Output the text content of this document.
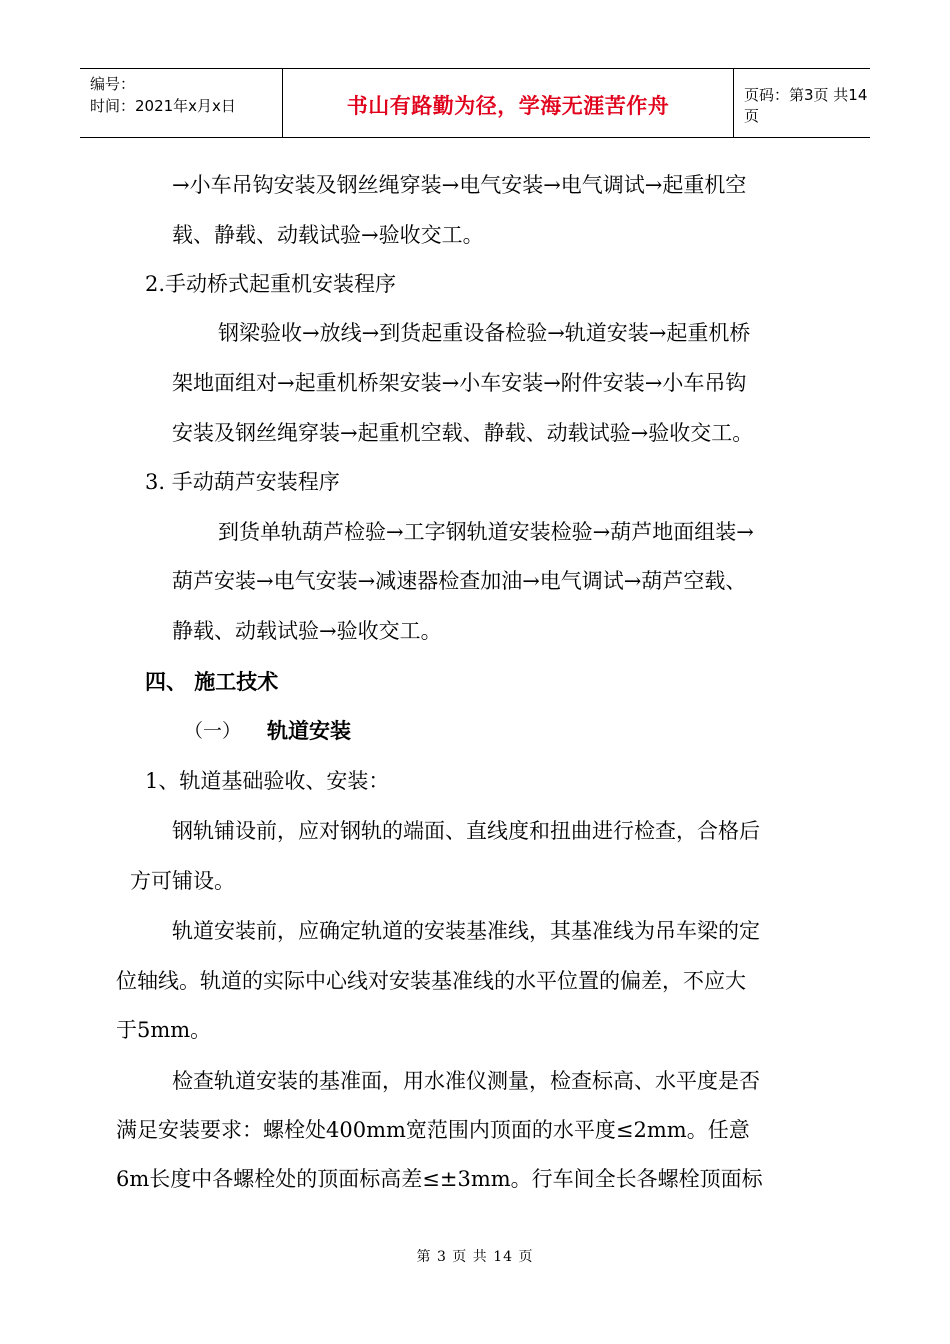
编号：
时间：2021年x月x日	书山有路勤为径，学海无涯苦作舟	页码：第3页 共14页
→小车吊钩安装及钢丝绳穿装→电气安装→电气调试→起重机空
载、静载、动载试验→验收交工。
2.手动桥式起重机安装程序
钢梁验收→放线→到货起重设备检验→轨道安装→起重机桥
架地面组对→起重机桥架安装→小车安装→附件安装→小车吊钩
安装及钢丝绳穿装→起重机空载、静载、动载试验→验收交工。
3. 手动葫芦安装程序
到货单轨葫芦检验→工字钢轨道安装检验→葫芦地面组装→
葫芦安装→电气安装→减速器检查加油→电气调试→葫芦空载、
静载、动载试验→验收交工。
四、 施工技术
（一） 轨道安装
1、轨道基础验收、安装：
钢轨铺设前，应对钢轨的端面、直线度和扭曲进行检查，合格后
方可铺设。
轨道安装前，应确定轨道的安装基准线，其基准线为吊车梁的定
位轴线。轨道的实际中心线对安装基准线的水平位置的偏差，不应大
于5mm。
检查轨道安装的基准面，用水准仪测量，检查标高、水平度是否
满足安装要求：螺栓处400mm宽范围内顶面的水平度≤2mm。任意
6m长度中各螺栓处的顶面标高差≤±3mm。行车间全长各螺栓顶面标
第 3 页 共 14 页
